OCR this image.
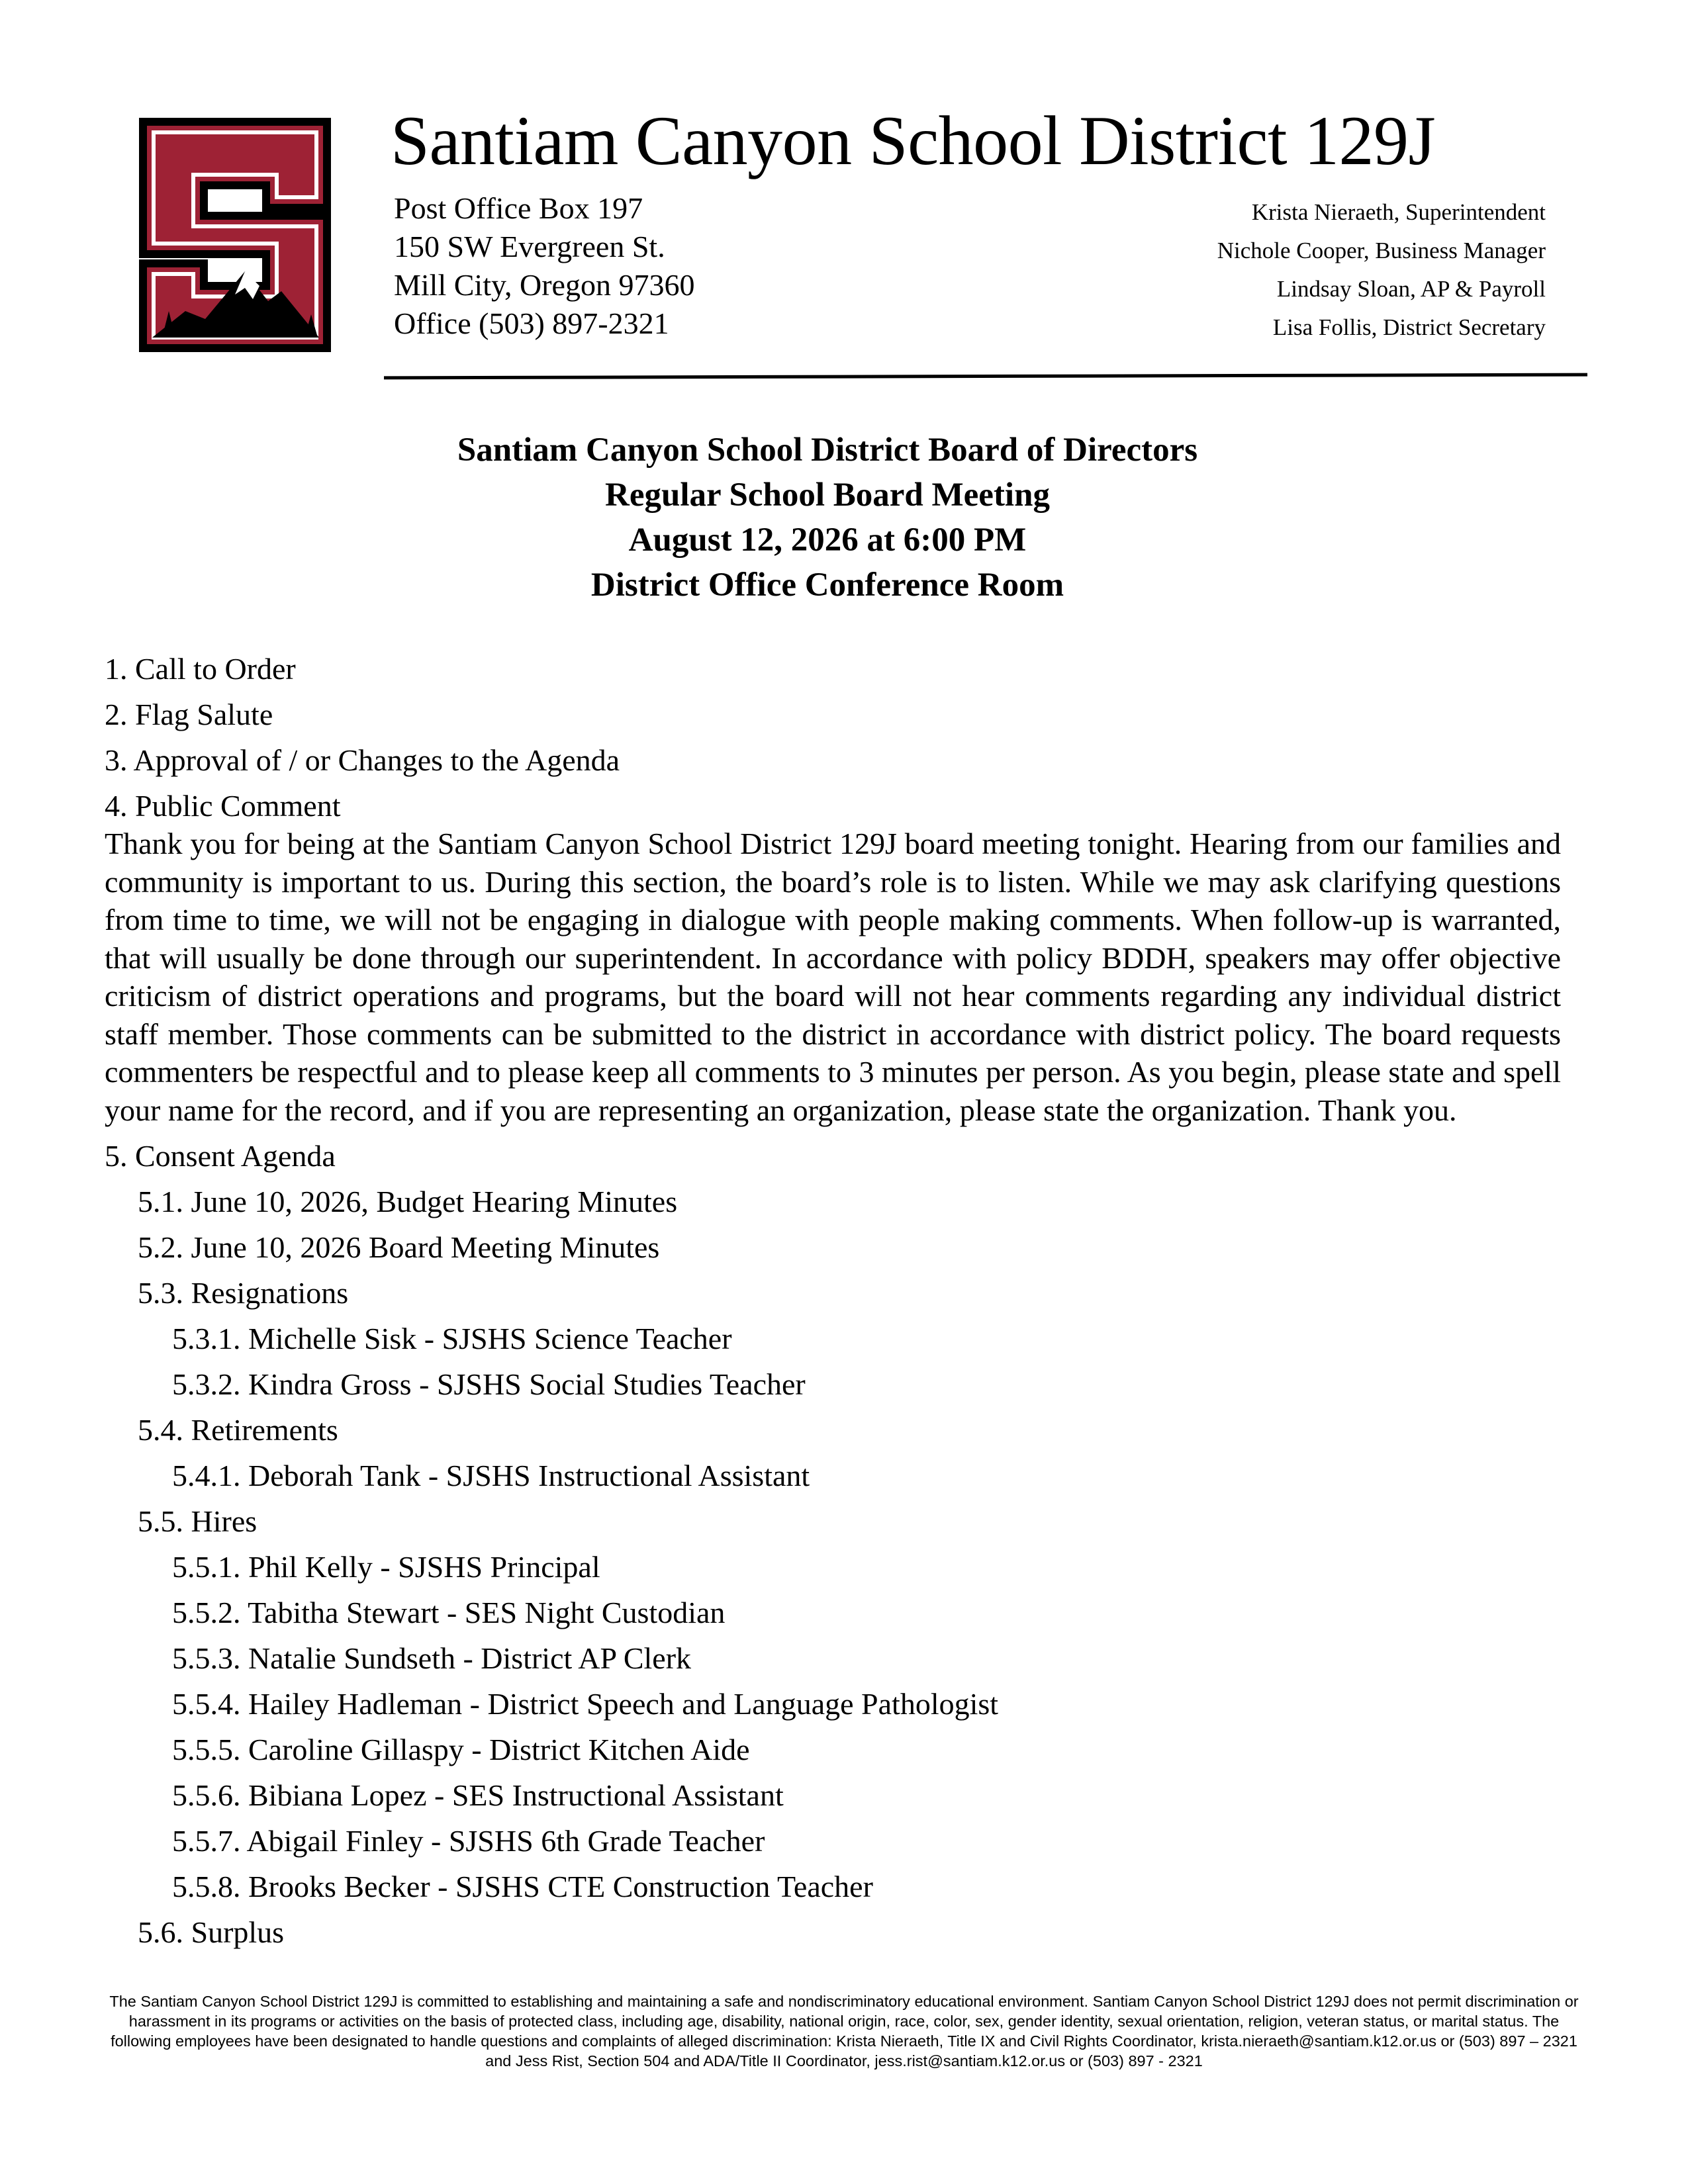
Santiam Canyon School District 129J
Post Office Box 197
150 SW Evergreen St.
Mill City, Oregon 97360
Office (503) 897-2321
Krista Nieraeth, Superintendent
Nichole Cooper, Business Manager
Lindsay Sloan, AP & Payroll
Lisa Follis, District Secretary
Santiam Canyon School District Board of Directors
Regular School Board Meeting
August 12, 2026 at 6:00 PM
District Office Conference Room
1. Call to Order
2. Flag Salute
3. Approval of / or Changes to the Agenda
4. Public Comment
Thank you for being at the Santiam Canyon School District 129J board meeting tonight. Hearing from our families and community is important to us. During this section, the board’s role is to listen. While we may ask clarifying questions from time to time, we will not be engaging in dialogue with people making comments. When follow-up is warranted, that will usually be done through our superintendent. In accordance with policy BDDH, speakers may offer objective criticism of district operations and programs, but the board will not hear comments regarding any individual district staff member. Those comments can be submitted to the district in accordance with district policy. The board requests commenters be respectful and to please keep all comments to 3 minutes per person. As you begin, please state and spell your name for the record, and if you are representing an organization, please state the organization. Thank you.
5. Consent Agenda
5.1. June 10, 2026, Budget Hearing Minutes
5.2. June 10, 2026 Board Meeting Minutes
5.3. Resignations
5.3.1. Michelle Sisk - SJSHS Science Teacher
5.3.2. Kindra Gross - SJSHS Social Studies Teacher
5.4. Retirements
5.4.1. Deborah Tank - SJSHS Instructional Assistant
5.5. Hires
5.5.1. Phil Kelly - SJSHS Principal
5.5.2. Tabitha Stewart - SES Night Custodian
5.5.3. Natalie Sundseth - District AP Clerk
5.5.4. Hailey Hadleman - District Speech and Language Pathologist
5.5.5. Caroline Gillaspy - District Kitchen Aide
5.5.6. Bibiana Lopez - SES Instructional Assistant
5.5.7. Abigail Finley - SJSHS 6th Grade Teacher
5.5.8. Brooks Becker - SJSHS CTE Construction Teacher
5.6. Surplus
The Santiam Canyon School District 129J is committed to establishing and maintaining a safe and nondiscriminatory educational environment. Santiam Canyon School District 129J does not permit discrimination or harassment in its programs or activities on the basis of protected class, including age, disability, national origin, race, color, sex, gender identity, sexual orientation, religion, veteran status, or marital status. The following employees have been designated to handle questions and complaints of alleged discrimination: Krista Nieraeth, Title IX and Civil Rights Coordinator, krista.nieraeth@santiam.k12.or.us or (503) 897 – 2321 and Jess Rist, Section 504 and ADA/Title II Coordinator, jess.rist@santiam.k12.or.us or (503) 897 - 2321
